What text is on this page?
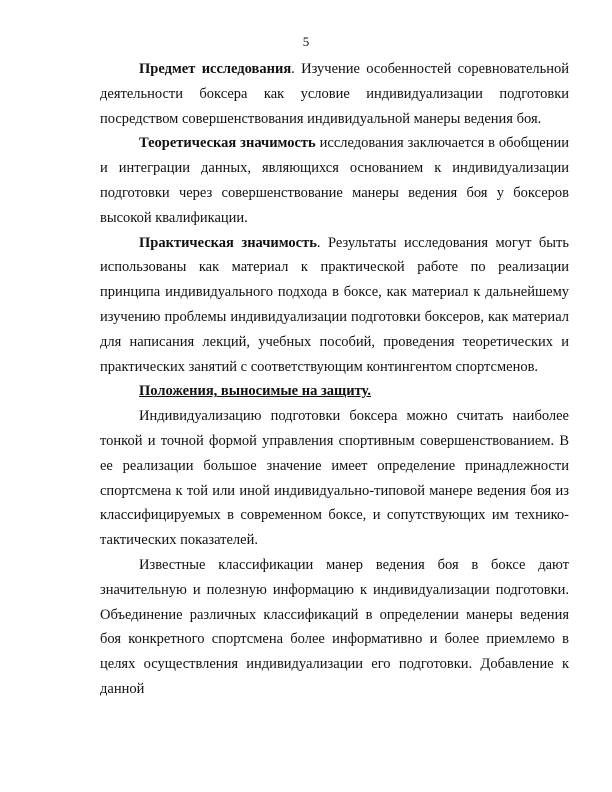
5

Предмет исследования. Изучение особенностей соревновательной деятельности боксера как условие индивидуализации подготовки посредством совершенствования индивидуальной манеры ведения боя.

Теоретическая значимость исследования заключается в обобщении и интеграции данных, являющихся основанием к индивидуализации подготовки через совершенствование манеры ведения боя у боксеров высокой квалификации.

Практическая значимость. Результаты исследования могут быть использованы как материал к практической работе по реализации принципа индивидуального подхода в боксе, как материал к дальнейшему изучению проблемы индивидуализации подготовки боксеров, как материал для написания лекций, учебных пособий, проведения теоретических и практических занятий с соответствующим контингентом спортсменов.

Положения, выносимые на защиту.

Индивидуализацию подготовки боксера можно считать наиболее тонкой и точной формой управления спортивным совершенствованием. В ее реализации большое значение имеет определение принадлежности спортсмена к той или иной индивидуально-типовой манере ведения боя из классифицируемых в современном боксе, и сопутствующих им технико-тактических показателей.

Известные классификации манер ведения боя в боксе дают значительную и полезную информацию к индивидуализации подготовки. Объединение различных классификаций в определении манеры ведения боя конкретного спортсмена более информативно и более приемлемо в целях осуществления индивидуализации его подготовки. Добавление к данной
